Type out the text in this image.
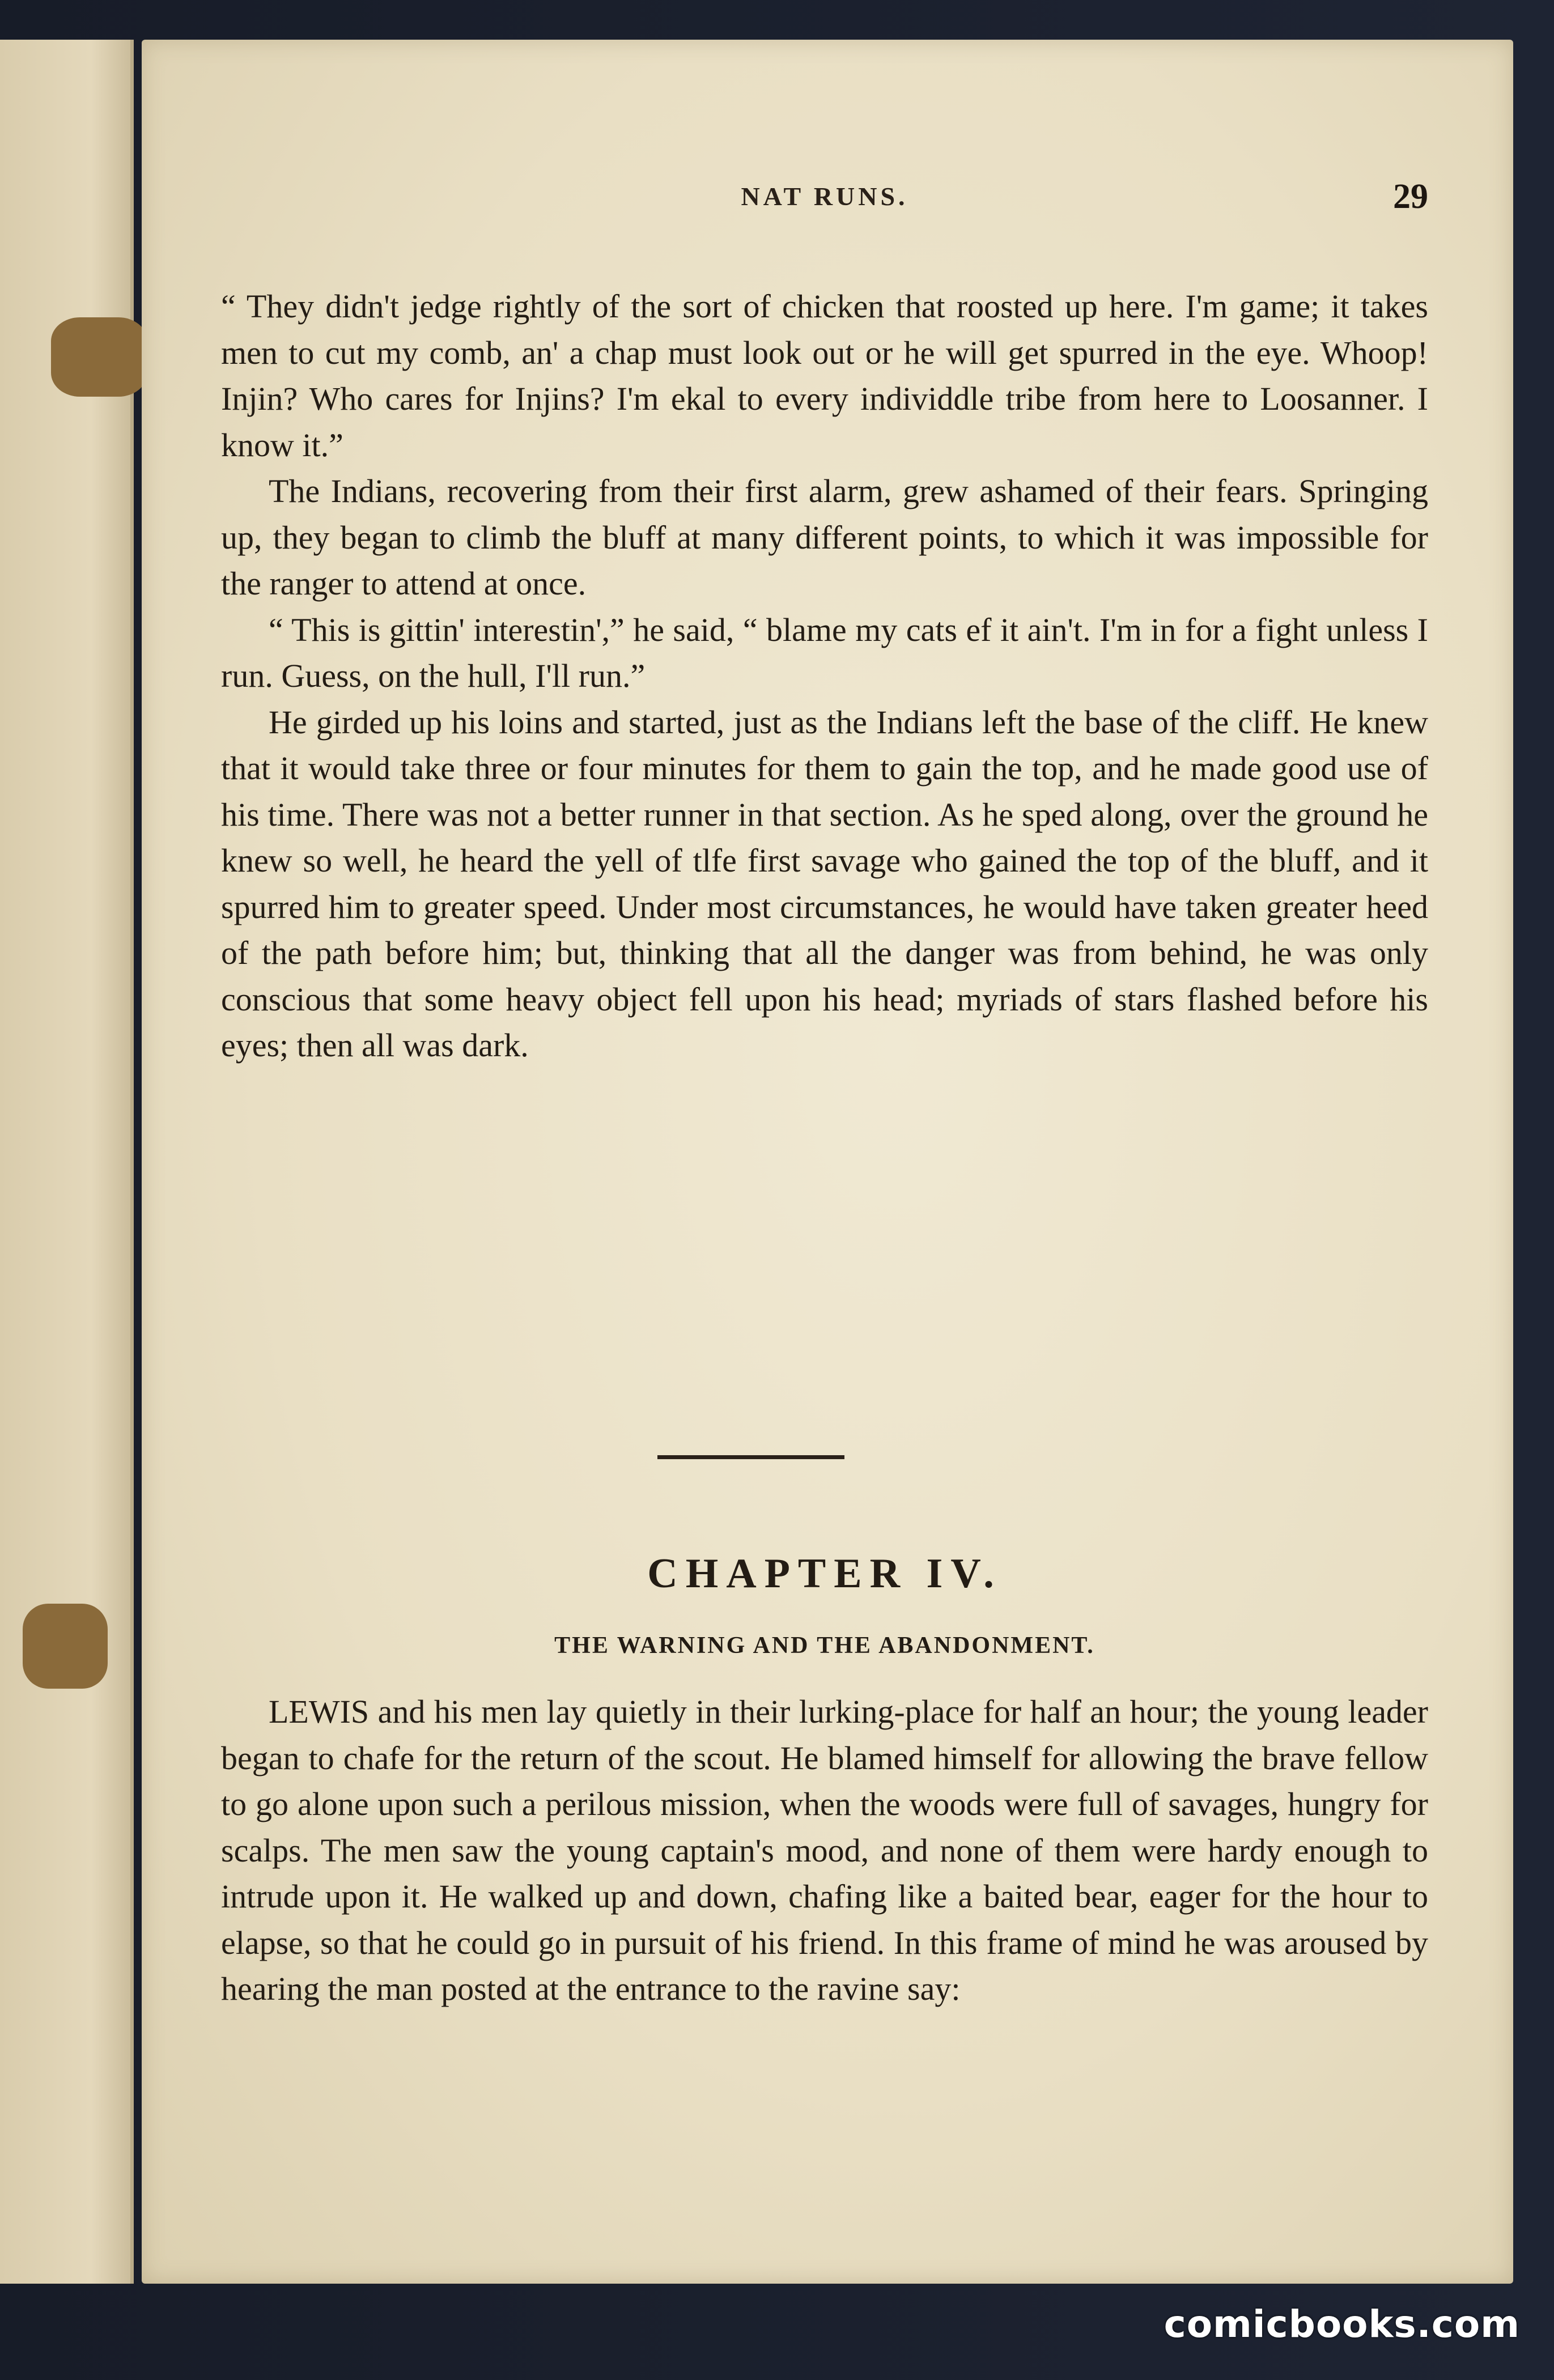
NAT RUNS.	29

“ They didn't jedge rightly of the sort of chicken that roosted up here. I'm game; it takes men to cut my comb, an' a chap must look out or he will get spurred in the eye. Whoop! Injin? Who cares for Injins? I'm ekal to every individdle tribe from here to Loosanner. I know it.”

The Indians, recovering from their first alarm, grew ashamed of their fears. Springing up, they began to climb the bluff at many different points, to which it was impossible for the ranger to attend at once.

“ This is gittin' interestin',” he said, “ blame my cats ef it ain't. I'm in for a fight unless I run. Guess, on the hull, I'll run.”

He girded up his loins and started, just as the Indians left the base of the cliff. He knew that it would take three or four minutes for them to gain the top, and he made good use of his time. There was not a better runner in that section. As he sped along, over the ground he knew so well, he heard the yell of tlfe first savage who gained the top of the bluff, and it spurred him to greater speed. Under most circumstances, he would have taken greater heed of the path before him; but, thinking that all the danger was from behind, he was only conscious that some heavy object fell upon his head; myriads of stars flashed before his eyes; then all was dark.

CHAPTER IV.
THE WARNING AND THE ABANDONMENT.

LEWIS and his men lay quietly in their lurking-place for half an hour; the young leader began to chafe for the return of the scout. He blamed himself for allowing the brave fellow to go alone upon such a perilous mission, when the woods were full of savages, hungry for scalps. The men saw the young captain's mood, and none of them were hardy enough to intrude upon it. He walked up and down, chafing like a baited bear, eager for the hour to elapse, so that he could go in pursuit of his friend. In this frame of mind he was aroused by hearing the man posted at the entrance to the ravine say:

comicbooks.com
